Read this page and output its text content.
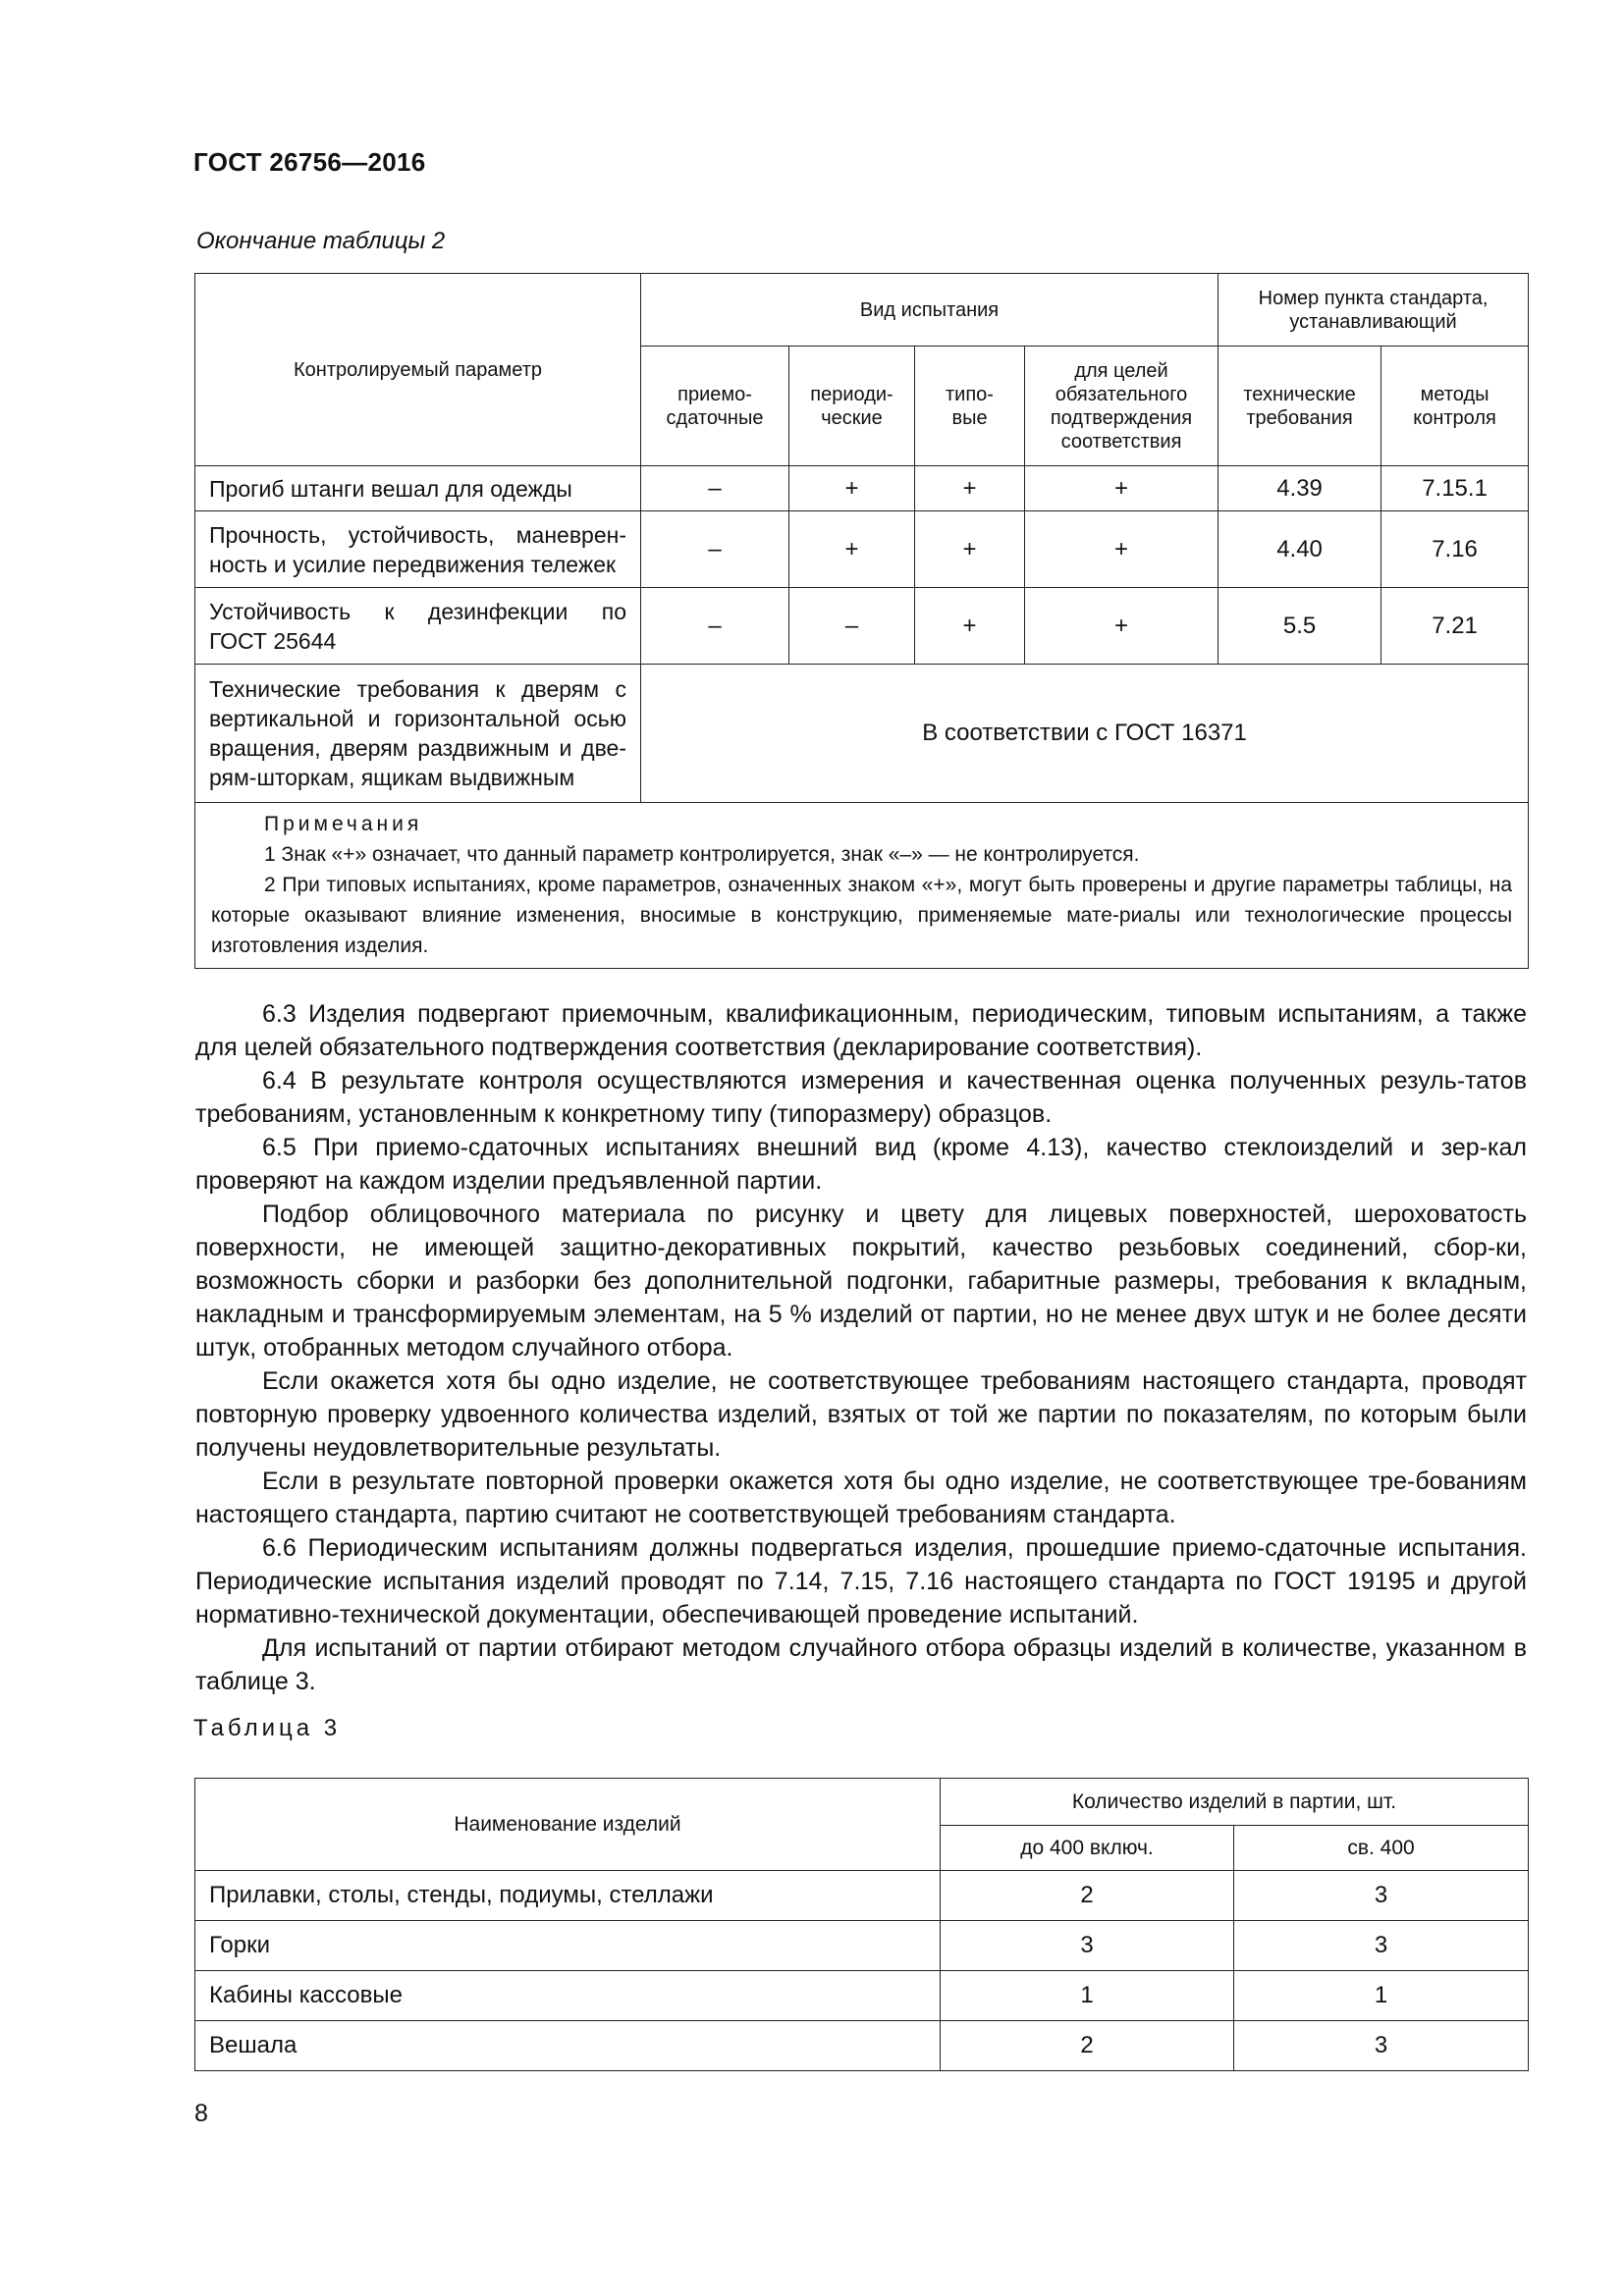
ГОСТ 26756—2016
Окончание таблицы 2
Контролируемый параметр	Вид испытания				Номер пункта стандарта, устанавливающий	
	приемо-сдаточные	периоди-ческие	типо-вые	для целей обязательного подтверждения соответствия	технические требования	методы контроля
Прогиб штанги вешал для одежды	–	+	+	+	4.39	7.15.1

Прочность, устойчивость, маневрен-
ность и усилие передвижения тележек	–	+	+	+	4.40	7.16

Устойчивость к дезинфекции по
ГОСТ 25644	–	–	+	+	5.5	7.21
Технические требования к дверям с вертикальной и горизонтальной осью вращения, дверям раздвижным и две-рям-шторкам, ящикам выдвижным	В соответствии с ГОСТ 16371					

Примечания
1 Знак «+» означает, что данный параметр контролируется, знак «–» — не контролируется.
2 При типовых испытаниях, кроме параметров, означенных знаком «+», могут быть проверены и другие параметры таблицы, на которые оказывают влияние изменения, вносимые в конструкцию, применяемые мате-риалы или технологические процессы изготовления изделия.						

6.3 Изделия подвергают приемочным, квалификационным, периодическим, типовым испытаниям, а также для целей обязательного подтверждения соответствия (декларирование соответствия).

6.4 В результате контроля осуществляются измерения и качественная оценка полученных резуль-татов требованиям, установленным к конкретному типу (типоразмеру) образцов.

6.5 При приемо-сдаточных испытаниях внешний вид (кроме 4.13), качество стеклоизделий и зер-кал проверяют на каждом изделии предъявленной партии.

Подбор облицовочного материала по рисунку и цвету для лицевых поверхностей, шероховатость поверхности, не имеющей защитно-декоративных покрытий, качество резьбовых соединений, сбор-ки, возможность сборки и разборки без дополнительной подгонки, габаритные размеры, требования к вкладным, накладным и трансформируемым элементам, на 5 % изделий от партии, но не менее двух штук и не более десяти штук, отобранных методом случайного отбора.

Если окажется хотя бы одно изделие, не соответствующее требованиям настоящего стандарта, проводят повторную проверку удвоенного количества изделий, взятых от той же партии по показателям, по которым были получены неудовлетворительные результаты.

Если в результате повторной проверки окажется хотя бы одно изделие, не соответствующее тре-бованиям настоящего стандарта, партию считают не соответствующей требованиям стандарта.

6.6 Периодическим испытаниям должны подвергаться изделия, прошедшие приемо-сдаточные испытания. Периодические испытания изделий проводят по 7.14, 7.15, 7.16 настоящего стандарта по ГОСТ 19195 и другой нормативно-технической документации, обеспечивающей проведение испытаний.

Для испытаний от партии отбирают методом случайного отбора образцы изделий в количестве, указанном в таблице 3.

Таблица 3
Наименование изделий	Количество изделий в партии, шт.	
	до 400 включ.	св. 400
Прилавки, столы, стенды, подиумы, стеллажи	2	3
Горки	3	3
Кабины кассовые	1	1
Вешала	2	3
8
